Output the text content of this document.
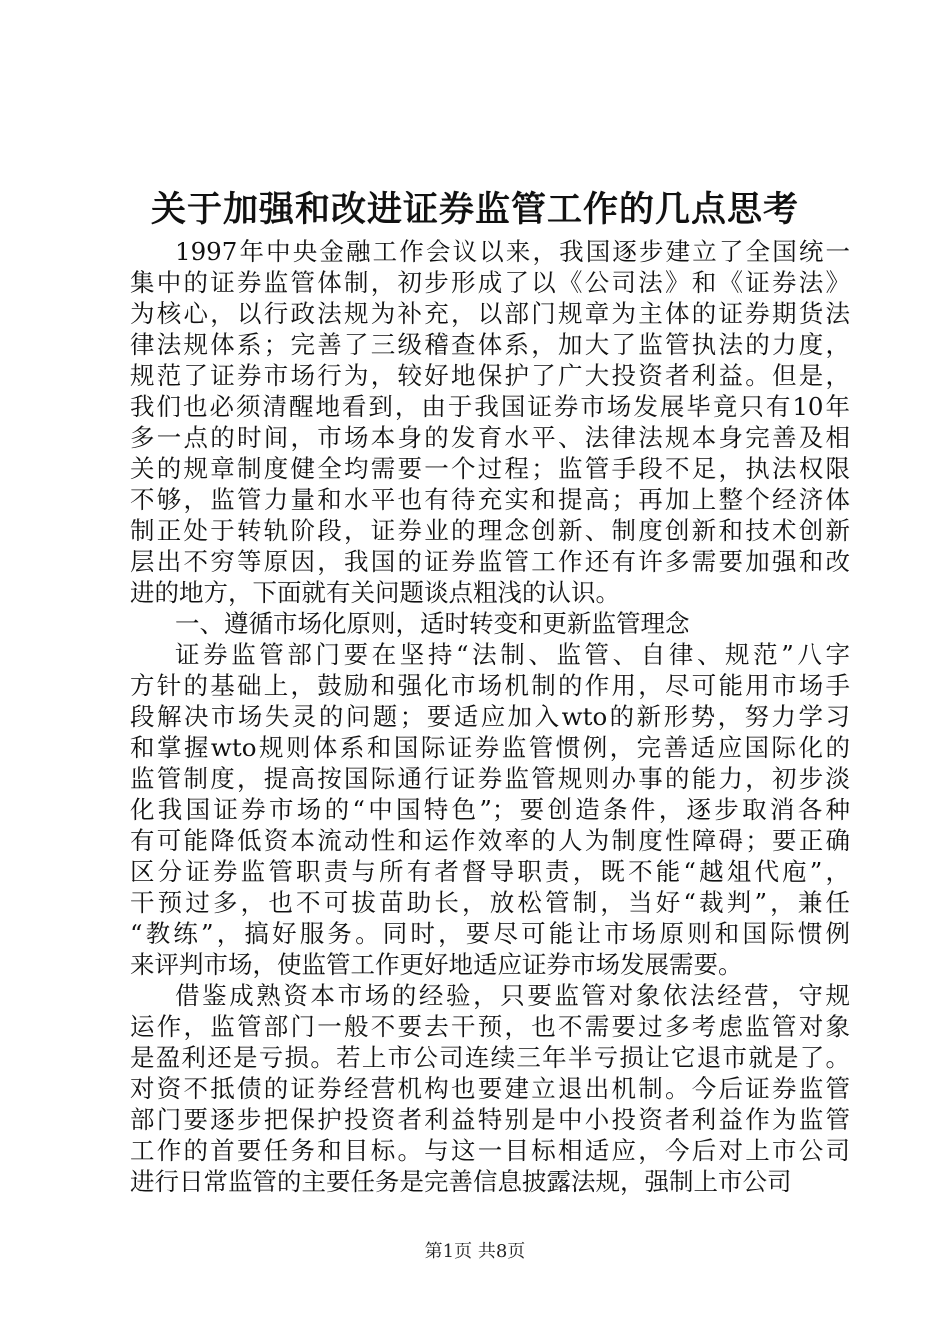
关于加强和改进证券监管工作的几点思考
1997年中央金融工作会议以来，我国逐步建立了全国统一
集中的证券监管体制，初步形成了以《公司法》和《证券法》
为核心，以行政法规为补充，以部门规章为主体的证券期货法
律法规体系；完善了三级稽查体系，加大了监管执法的力度，
规范了证券市场行为，较好地保护了广大投资者利益。但是，
我们也必须清醒地看到，由于我国证券市场发展毕竟只有10年
多一点的时间，市场本身的发育水平、法律法规本身完善及相
关的规章制度健全均需要一个过程；监管手段不足，执法权限
不够，监管力量和水平也有待充实和提高；再加上整个经济体
制正处于转轨阶段，证券业的理念创新、制度创新和技术创新
层出不穷等原因，我国的证券监管工作还有许多需要加强和改
进的地方，下面就有关问题谈点粗浅的认识。
一、遵循市场化原则，适时转变和更新监管理念
证券监管部门要在坚持“法制、监管、自律、规范”八字
方针的基础上，鼓励和强化市场机制的作用，尽可能用市场手
段解决市场失灵的问题；要适应加入wto的新形势，努力学习
和掌握wto规则体系和国际证券监管惯例，完善适应国际化的
监管制度，提高按国际通行证券监管规则办事的能力，初步淡
化我国证券市场的“中国特色”；要创造条件，逐步取消各种
有可能降低资本流动性和运作效率的人为制度性障碍；要正确
区分证券监管职责与所有者督导职责，既不能“越俎代庖”，
干预过多，也不可拔苗助长，放松管制，当好“裁判”，兼任
“教练”，搞好服务。同时，要尽可能让市场原则和国际惯例
来评判市场，使监管工作更好地适应证券市场发展需要。
借鉴成熟资本市场的经验，只要监管对象依法经营，守规
运作，监管部门一般不要去干预，也不需要过多考虑监管对象
是盈利还是亏损。若上市公司连续三年半亏损让它退市就是了。
对资不抵债的证券经营机构也要建立退出机制。今后证券监管
部门要逐步把保护投资者利益特别是中小投资者利益作为监管
工作的首要任务和目标。与这一目标相适应，今后对上市公司
进行日常监管的主要任务是完善信息披露法规，强制上市公司
第1页 共8页
